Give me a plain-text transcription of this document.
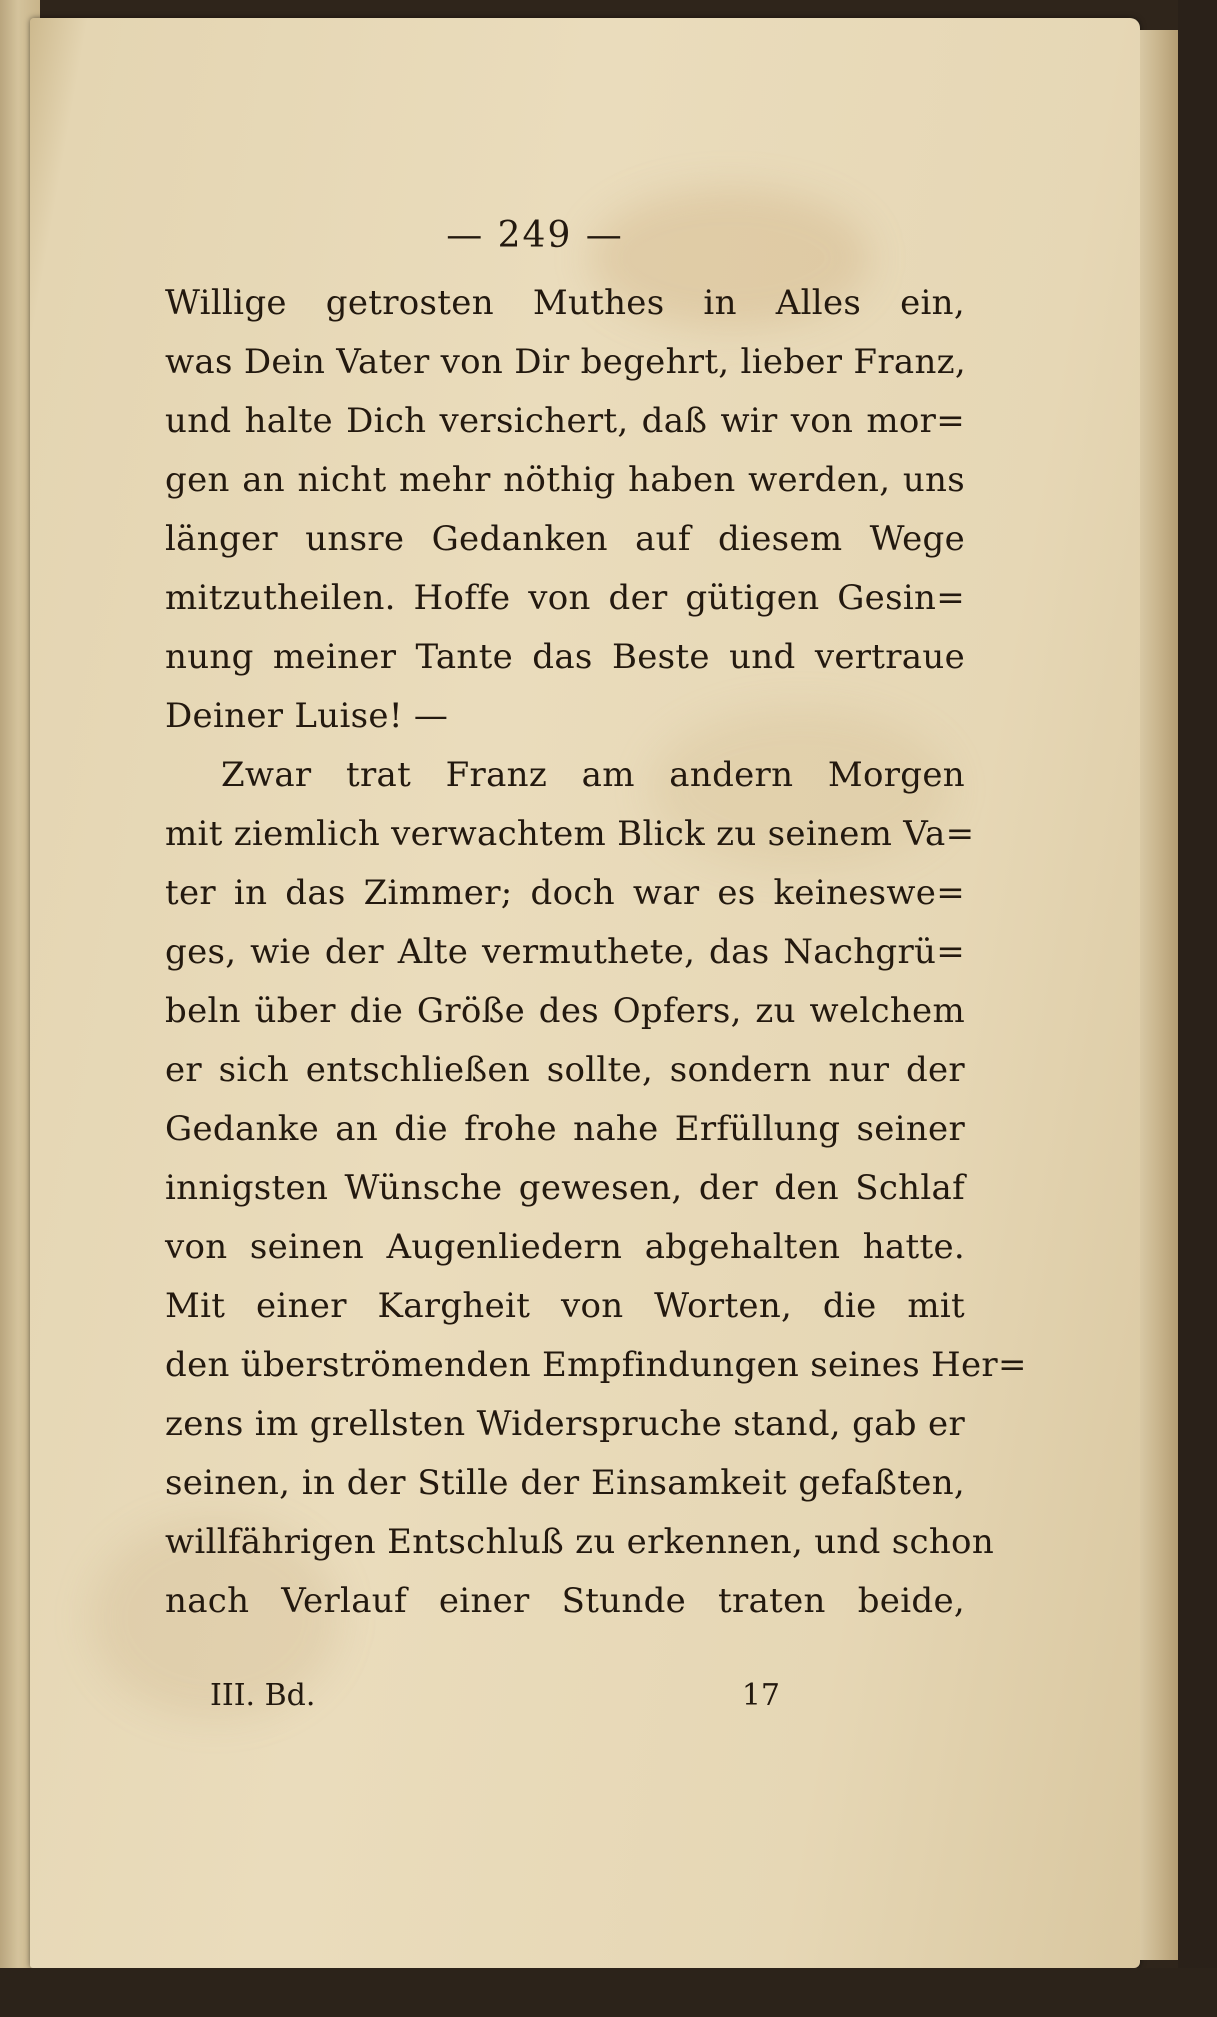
— 249 —
Willige getrosten Muthes in Alles ein,
was Dein Vater von Dir begehrt, lieber Franz,
und halte Dich versichert, daß wir von mor=
gen an nicht mehr nöthig haben werden, uns
länger unsre Gedanken auf diesem Wege
mitzutheilen. Hoffe von der gütigen Gesin=
nung meiner Tante das Beste und vertraue
Deiner Luise! —
Zwar trat Franz am andern Morgen
mit ziemlich verwachtem Blick zu seinem Va=
ter in das Zimmer; doch war es keineswe=
ges, wie der Alte vermuthete, das Nachgrü=
beln über die Größe des Opfers, zu welchem
er sich entschließen sollte, sondern nur der
Gedanke an die frohe nahe Erfüllung seiner
innigsten Wünsche gewesen, der den Schlaf
von seinen Augenliedern abgehalten hatte.
Mit einer Kargheit von Worten, die mit
den überströmenden Empfindungen seines Her=
zens im grellsten Widerspruche stand, gab er
seinen, in der Stille der Einsamkeit gefaßten,
willfährigen Entschluß zu erkennen, und schon
nach Verlauf einer Stunde traten beide,
III. Bd.	17
